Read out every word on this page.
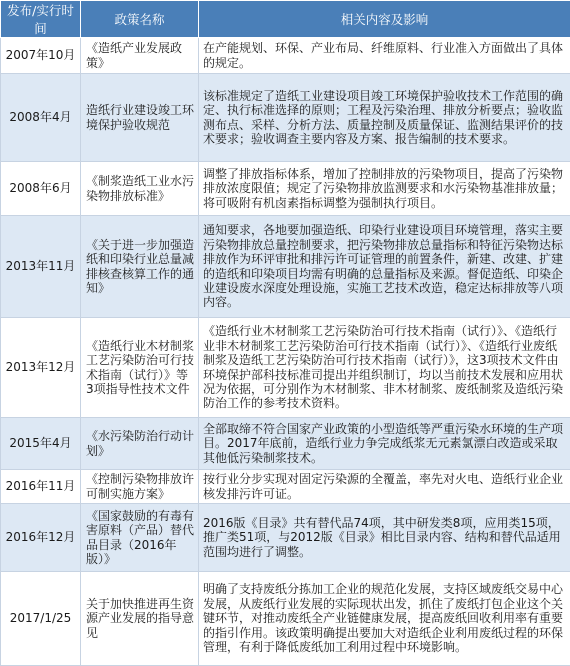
发布/实行时间	政策名称	相关内容及影响
2007年10月	《造纸产业发展政策》	在产能规划、环保、产业布局、纤维原料、行业准入方面做出了具体的规定。
2008年4月	造纸行业建设竣工环境保护验收规范	该标准规定了造纸工业建设项目竣工环境保护验收技术工作范围的确定、执行标准选择的原则；工程及污染治理、排放分析要点；验收监测布点、采样、分析方法、质量控制及质量保证、监测结果评价的技术要求；验收调查主要内容及方案、报告编制的技术要求。
2008年6月	《制浆造纸工业水污染物排放标准》	调整了排放指标体系，增加了控制排放的污染物项目，提高了污染物排放浓度限值；规定了污染物排放监测要求和水污染物基准排放量；将可吸附有机卤素指标调整为强制执行项目。
2013年11月	《关于进一步加强造纸和印染行业总量减排核查核算工作的通知》	通知要求，各地要加强造纸、印染行业建设项目环境管理，落实主要污染物排放总量控制要求，把污染物排放总量指标和特征污染物达标排放作为环评审批和排污许可证管理的前置条件，新建、改建、扩建的造纸和印染项目均需有明确的总量指标及来源。督促造纸、印染企业建设废水深度处理设施，实施工艺技术改造，稳定达标排放等八项内容。
2013年12月	《造纸行业木材制浆工艺污染防治可行技术指南（试行）》等3项指导性技术文件	《造纸行业木材制浆工艺污染防治可行技术指南（试行）》、《造纸行业非木材制浆工艺污染防治可行技术指南（试行）》、《造纸行业废纸制浆及造纸工艺污染防治可行技术指南（试行）》，这3项技术文件由环境保护部科技标准司提出并组织制订，均以当前技术发展和应用状况为依据，可分别作为木材制浆、非木材制浆、废纸制浆及造纸污染防治工作的参考技术资料。
2015年4月	《水污染防治行动计划》	全部取缔不符合国家产业政策的小型造纸等严重污染水环境的生产项目。2017年底前，造纸行业力争完成纸浆无元素氯漂白改造或采取其他低污染制浆技术。
2016年11月	《控制污染物排放许可制实施方案》	按行业分步实现对固定污染源的全覆盖，率先对火电、造纸行业企业核发排污许可证。
2016年12月	《国家鼓励的有毒有害原料（产品）替代品目录（2016年版）》	2016版《目录》共有替代品74项，其中研发类8项，应用类15项，推广类51项，与2012版《目录》相比目录内容、结构和替代品适用范围均进行了调整。
2017/1/25	关于加快推进再生资源产业发展的指导意见	明确了支持废纸分拣加工企业的规范化发展，支持区域废纸交易中心发展，从废纸行业发展的实际现状出发，抓住了废纸打包企业这个关键环节，对推动废纸全产业链健康发展，提高废纸回收利用率有重要的指引作用。该政策明确提出要加大对造纸企业利用废纸过程的环保管理，有利于降低废纸加工利用过程中环境影响。
